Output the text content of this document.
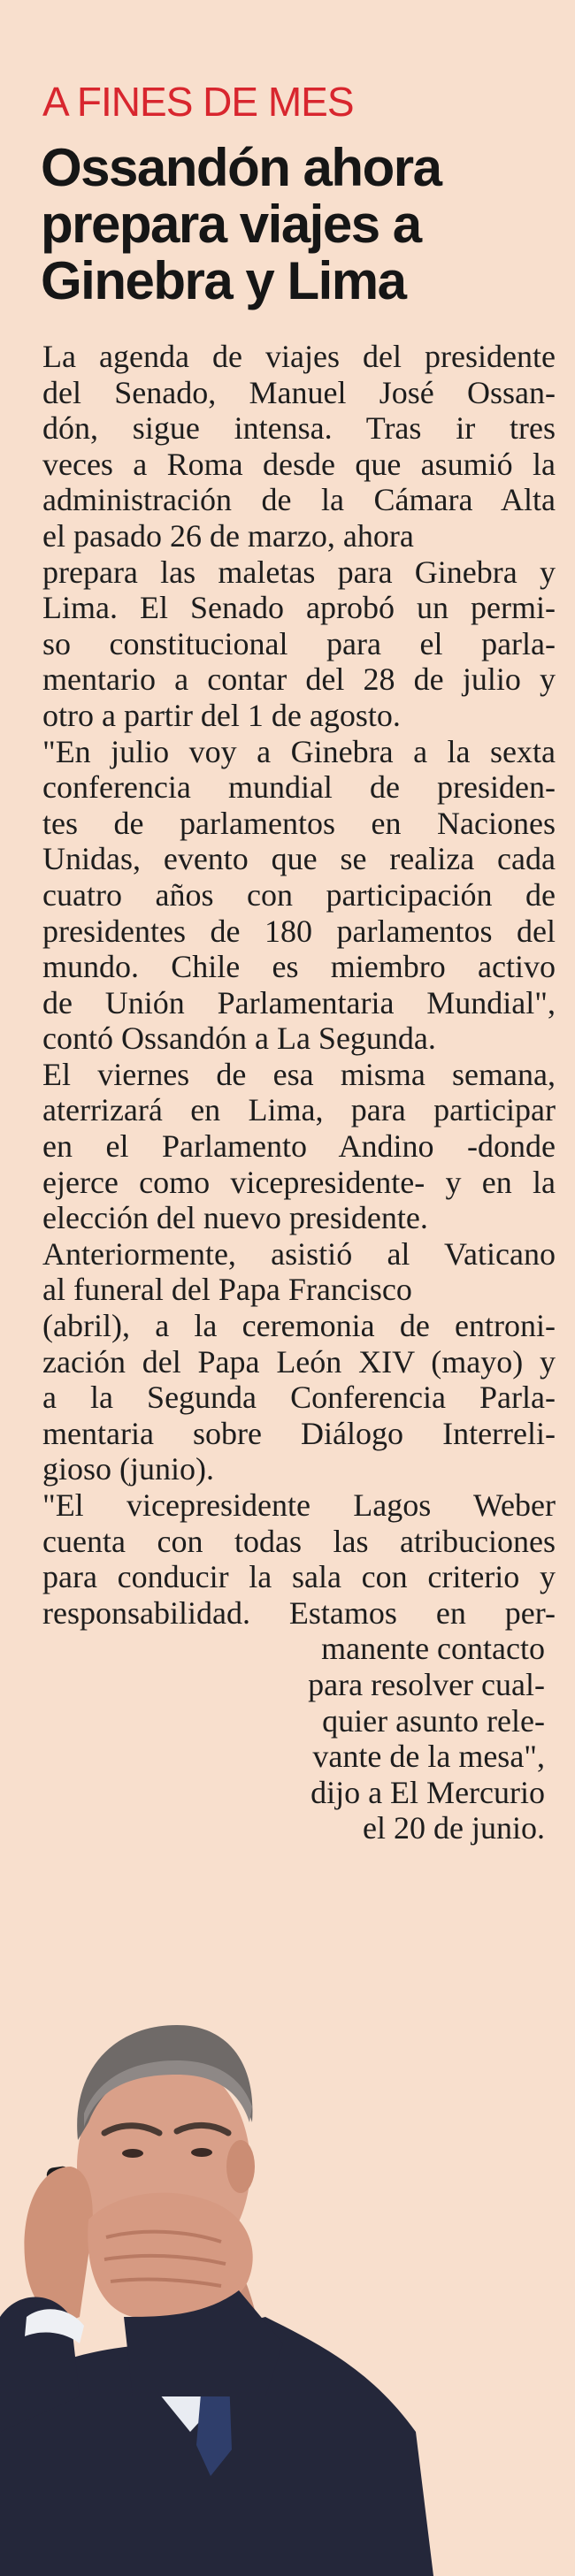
A FINES DE MES
Ossandón ahora
prepara viajes a
Ginebra y Lima
La agenda de viajes del presidente
del Senado, Manuel José Ossan-
dón, sigue intensa. Tras ir tres
veces a Roma desde que asumió la
administración de la Cámara Alta
el pasado 26 de marzo, ahora
prepara las maletas para Ginebra y
Lima. El Senado aprobó un permi-
so constitucional para el parla-
mentario a contar del 28 de julio y
otro a partir del 1 de agosto.
"En julio voy a Ginebra a la sexta
conferencia mundial de presiden-
tes de parlamentos en Naciones
Unidas, evento que se realiza cada
cuatro años con participación de
presidentes de 180 parlamentos del
mundo. Chile es miembro activo
de Unión Parlamentaria Mundial",
contó Ossandón a La Segunda.
El viernes de esa misma semana,
aterrizará en Lima, para participar
en el Parlamento Andino -donde
ejerce como vicepresidente- y en la
elección del nuevo presidente.
Anteriormente, asistió al Vaticano
al funeral del Papa Francisco
(abril), a la ceremonia de entroni-
zación del Papa León XIV (mayo) y
a la Segunda Conferencia Parla-
mentaria sobre Diálogo Interreli-
gioso (junio).
"El vicepresidente Lagos Weber
cuenta con todas las atribuciones
para conducir la sala con criterio y
responsabilidad. Estamos en per-
manente contacto
para resolver cual-
quier asunto rele-
vante de la mesa",
dijo a El Mercurio
el 20 de junio.
